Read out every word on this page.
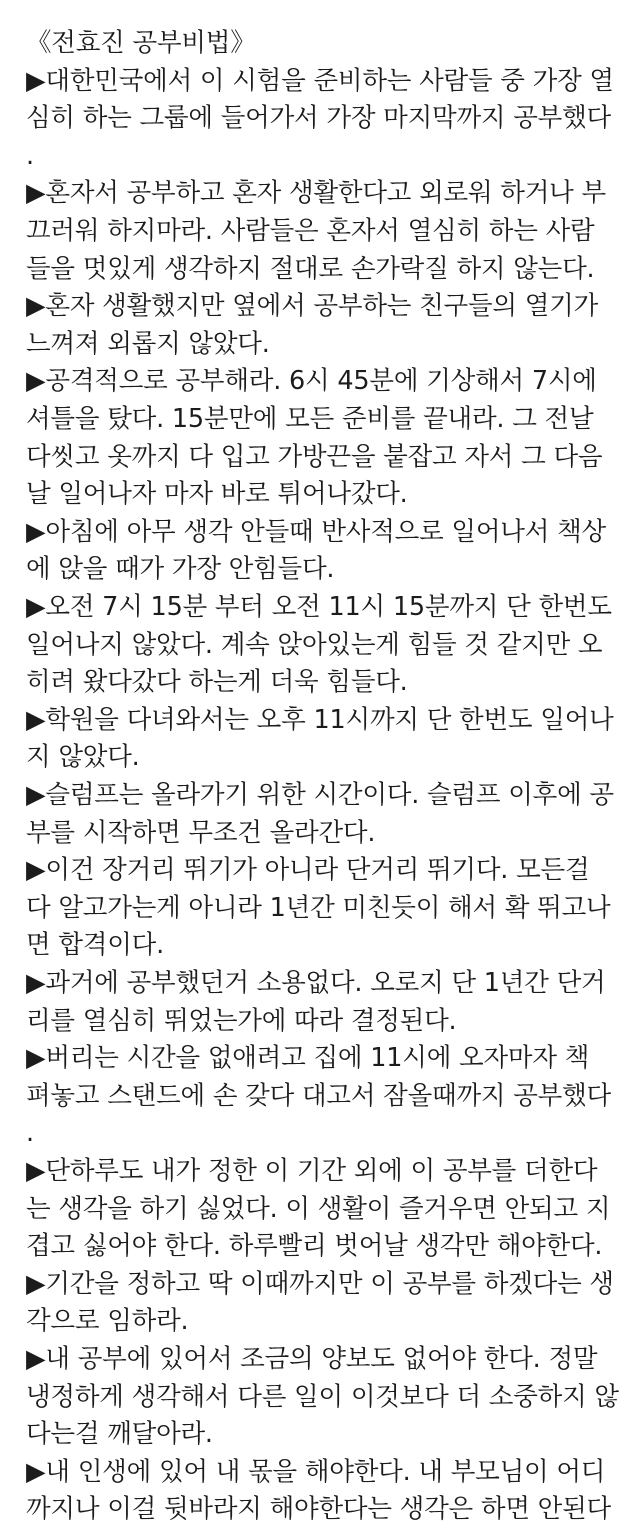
《전효진 공부비법》
▶대한민국에서 이 시험을 준비하는 사람들 중 가장 열
심히 하는 그룹에 들어가서 가장 마지막까지 공부했다
.
▶혼자서 공부하고 혼자 생활한다고 외로워 하거나 부
끄러워 하지마라. 사람들은 혼자서 열심히 하는 사람
들을 멋있게 생각하지 절대로 손가락질 하지 않는다.
▶혼자 생활했지만 옆에서 공부하는 친구들의 열기가
느껴져 외롭지 않았다.
▶공격적으로 공부해라. 6시 45분에 기상해서 7시에
셔틀을 탔다. 15분만에 모든 준비를 끝내라. 그 전날
다씻고 옷까지 다 입고 가방끈을 붙잡고 자서 그 다음
날 일어나자 마자 바로 튀어나갔다.
▶아침에 아무 생각 안들때 반사적으로 일어나서 책상
에 앉을 때가 가장 안힘들다.
▶오전 7시 15분 부터 오전 11시 15분까지 단 한번도
일어나지 않았다. 계속 앉아있는게 힘들 것 같지만 오
히려 왔다갔다 하는게 더욱 힘들다.
▶학원을 다녀와서는 오후 11시까지 단 한번도 일어나
지 않았다.
▶슬럼프는 올라가기 위한 시간이다. 슬럼프 이후에 공
부를 시작하면 무조건 올라간다.
▶이건 장거리 뛰기가 아니라 단거리 뛰기다. 모든걸
다 알고가는게 아니라 1년간 미친듯이 해서 확 뛰고나
면 합격이다.
▶과거에 공부했던거 소용없다. 오로지 단 1년간 단거
리를 열심히 뛰었는가에 따라 결정된다.
▶버리는 시간을 없애려고 집에 11시에 오자마자 책
펴놓고 스탠드에 손 갖다 대고서 잠올때까지 공부했다
.
▶단하루도 내가 정한 이 기간 외에 이 공부를 더한다
는 생각을 하기 싫었다. 이 생활이 즐거우면 안되고 지
겹고 싫어야 한다. 하루빨리 벗어날 생각만 해야한다.
▶기간을 정하고 딱 이때까지만 이 공부를 하겠다는 생
각으로 임하라.
▶내 공부에 있어서 조금의 양보도 없어야 한다. 정말
냉정하게 생각해서 다른 일이 이것보다 더 소중하지 않
다는걸 깨달아라.
▶내 인생에 있어 내 몫을 해야한다. 내 부모님이 어디
까지나 이걸 뒷바라지 해야한다는 생각은 하면 안된다
